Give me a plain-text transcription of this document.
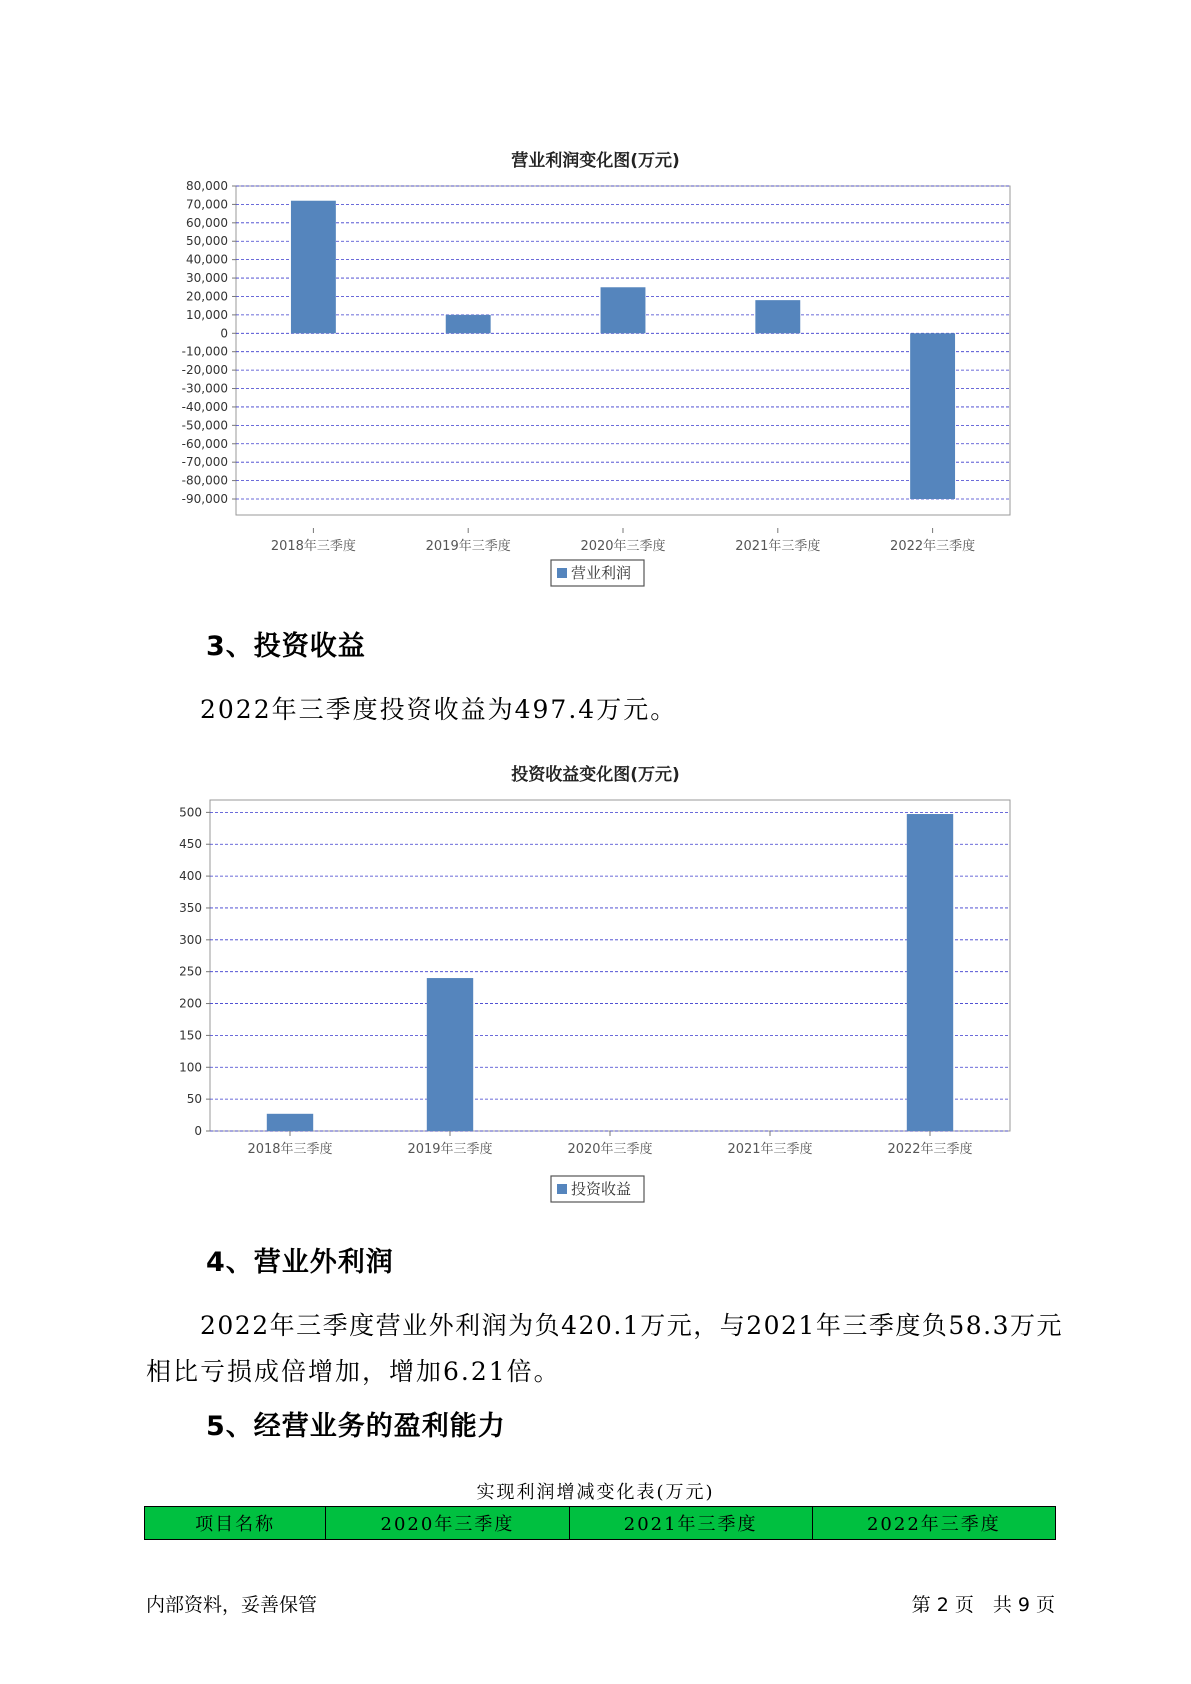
营业利润变化图(万元)
80,000
70,000
60,000
50,000
40,000
30,000
20,000
10,000
0
-10,000
-20,000
-30,000
-40,000
-50,000
-60,000
-70,000
-80,000
-90,000
2018年三季度	2019年三季度	2020年三季度	2021年三季度	2022年三季度
营业利润
3、投资收益
2022年三季度投资收益为497.4万元。
投资收益变化图(万元)
500
450
400
350
300
250
200
150
100
50
0
2018年三季度	2019年三季度	2020年三季度	2021年三季度	2022年三季度
投资收益
4、营业外利润
2022年三季度营业外利润为负420.1万元，与2021年三季度负58.3万元
相比亏损成倍增加，增加6.21倍。
5、经营业务的盈利能力
实现利润增减变化表(万元)
项目名称	2020年三季度	2021年三季度	2022年三季度
内部资料，妥善保管	第 2 页　共 9 页
